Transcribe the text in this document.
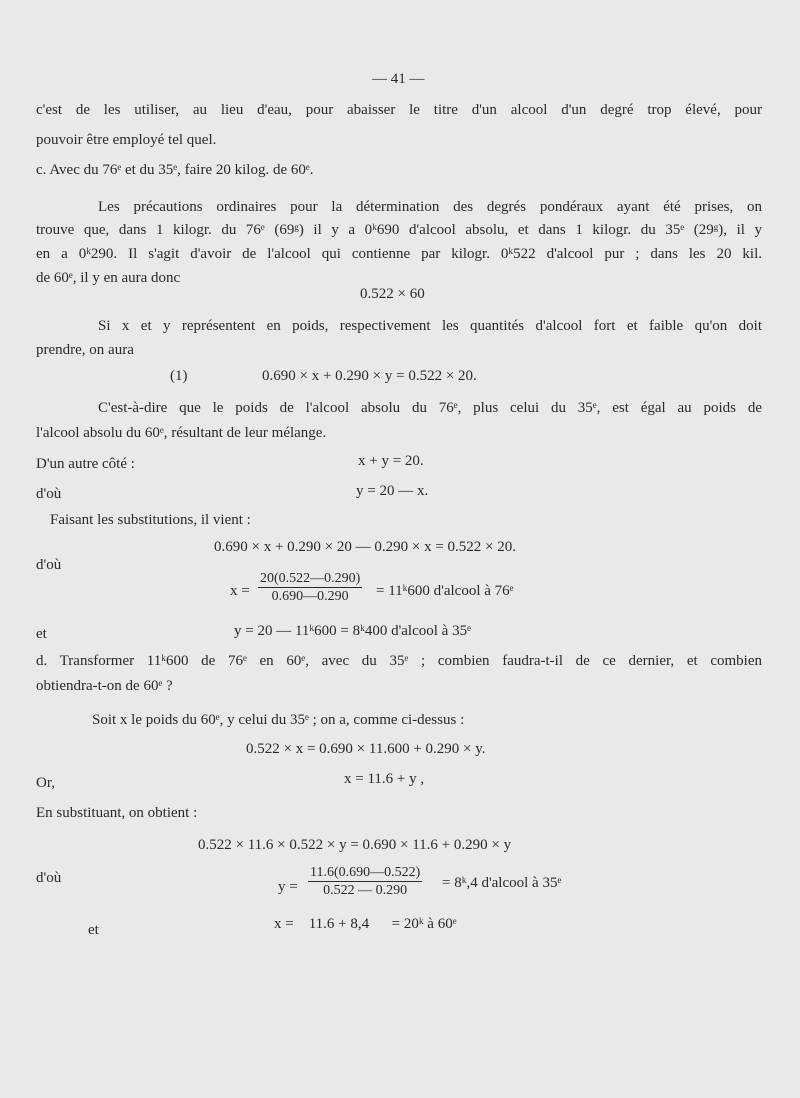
— 41 —
c'est de les utiliser, au lieu d'eau, pour abaisser le titre d'un alcool d'un degré trop élevé, pour
pouvoir être employé tel quel.
c. Avec du 76ᵉ et du 35ᵉ, faire 20 kilog. de 60ᵉ.
Les précautions ordinaires pour la détermination des degrés pondéraux ayant été prises, on
trouve que, dans 1 kilogr. du 76ᵉ (69ᵍ) il y a 0ᵏ690 d'alcool absolu, et dans 1 kilogr. du 35ᵉ (29ᵍ), il y
en a 0ᵏ290. Il s'agit d'avoir de l'alcool qui contienne par kilogr. 0ᵏ522 d'alcool pur ; dans les 20 kil.
de 60ᵉ, il y en aura donc
0.522 × 60
Si x et y représentent en poids, respectivement les quantités d'alcool fort et faible qu'on doit
prendre, on aura
(1)	0.690 × x + 0.290 × y = 0.522 × 20.
C'est-à-dire que le poids de l'alcool absolu du 76ᵉ, plus celui du 35ᵉ, est égal au poids de
l'alcool absolu du 60ᵉ, résultant de leur mélange.
D'un autre côté :	x + y = 20.
d'où	y = 20 — x.
Faisant les substitutions, il vient :
0.690 × x + 0.290 × 20 — 0.290 × x = 0.522 × 20.
d'où
$x = \frac{20(0.522—0.290)}{0.690—0.290}$ = 11ᵏ600 d'alcool à 76ᵉ
et	y = 20 — 11ᵏ600 = 8ᵏ400 d'alcool à 35ᵉ
d. Transformer 11ᵏ600 de 76ᵉ en 60ᵉ, avec du 35ᵉ ; combien faudra-t-il de ce dernier, et combien
obtiendra-t-on de 60ᵉ ?
Soit x le poids du 60ᵉ, y celui du 35ᵉ ; on a, comme ci-dessus :
0.522 × x = 0.690 × 11.600 + 0.290 × y.
Or,	x = 11.6 + y ,
En substituant, on obtient :
0.522 × 11.6 × 0.522 × y = 0.690 × 11.6 + 0.290 × y
d'où
$y = \frac{11.6(0.690—0.522)}{0.522 — 0.290}$ = 8ᵏ,4 d'alcool à 35ᵉ
et	x =    11.6 + 8,4      = 20ᵏ à 60ᵉ
